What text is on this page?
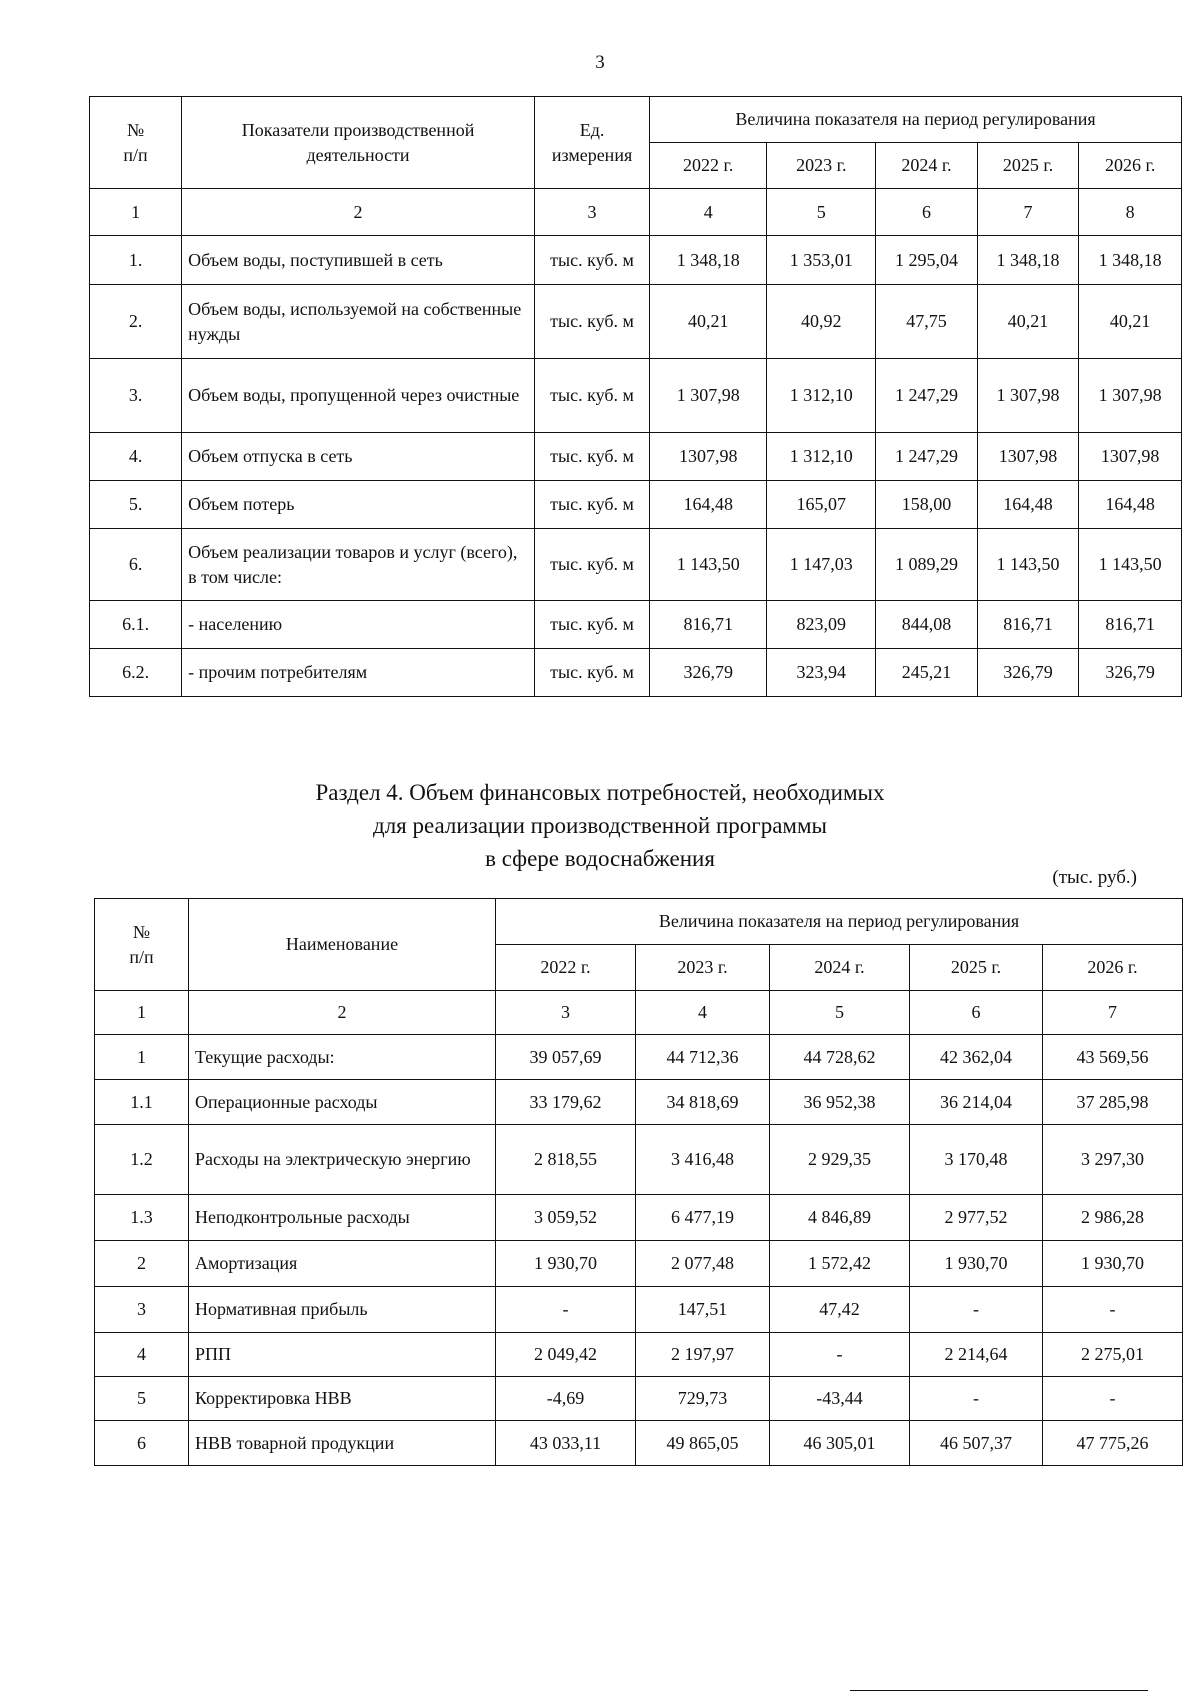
3
№
п/п	Показатели производственной деятельности	Ед. измерения	Величина показателя на период регулирования				
			2022 г.	2023 г.	2024 г.	2025 г.	2026 г.
1	2	3	4	5	6	7	8
1.	Объем воды, поступившей в сеть	тыс. куб. м	1 348,18	1 353,01	1 295,04	1 348,18	1 348,18
2.	Объем воды, используемой на собственные нужды	тыс. куб. м	40,21	40,92	47,75	40,21	40,21
3.	Объем воды, пропущенной через очистные	тыс. куб. м	1 307,98	1 312,10	1 247,29	1 307,98	1 307,98
4.	Объем отпуска в сеть	тыс. куб. м	1307,98	1 312,10	1 247,29	1307,98	1307,98
5.	Объем потерь	тыс. куб. м	164,48	165,07	158,00	164,48	164,48
6.	Объем реализации товаров и услуг (всего), в том числе:	тыс. куб. м	1 143,50	1 147,03	1 089,29	1 143,50	1 143,50
6.1.	- населению	тыс. куб. м	816,71	823,09	844,08	816,71	816,71
6.2.	- прочим потребителям	тыс. куб. м	326,79	323,94	245,21	326,79	326,79
Раздел 4. Объем финансовых потребностей, необходимых
для реализации производственной программы
в сфере водоснабжения
(тыс. руб.)
№
п/п	Наименование	Величина показателя на период регулирования				
		2022 г.	2023 г.	2024 г.	2025 г.	2026 г.
1	2	3	4	5	6	7
1	Текущие расходы:	39 057,69	44 712,36	44 728,62	42 362,04	43 569,56
1.1	Операционные расходы	33 179,62	34 818,69	36 952,38	36 214,04	37 285,98
1.2	Расходы на электрическую энергию	2 818,55	3 416,48	2 929,35	3 170,48	3 297,30
1.3	Неподконтрольные расходы	3 059,52	6 477,19	4 846,89	2 977,52	2 986,28
2	Амортизация	1 930,70	2 077,48	1 572,42	1 930,70	1 930,70
3	Нормативная прибыль	-	147,51	47,42	-	-
4	РПП	2 049,42	2 197,97	-	2 214,64	2 275,01
5	Корректировка НВВ	-4,69	729,73	-43,44	-	-
6	НВВ товарной продукции	43 033,11	49 865,05	46 305,01	46 507,37	47 775,26
